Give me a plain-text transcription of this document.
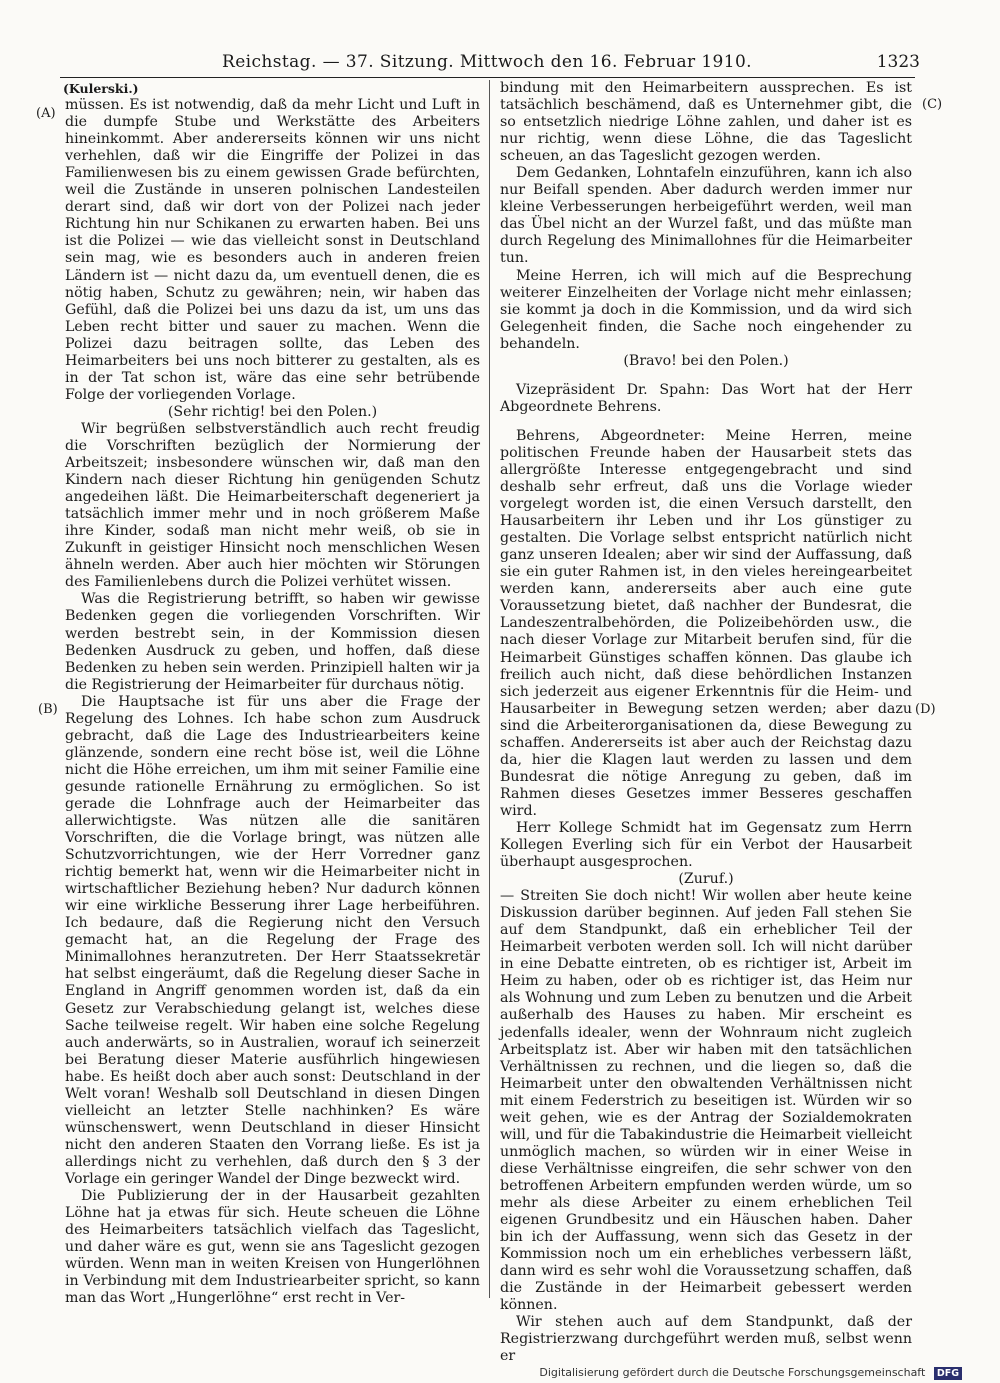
Reichstag. — 37. Sitzung. Mittwoch den 16. Februar 1910.	1323
(A)
(B)
(C)
(D)

(Kulerski.)

müssen. Es ist notwendig, daß da mehr Licht und Luft in die dumpfe Stube und Werkstätte des Arbeiters hineinkommt. Aber andererseits können wir uns nicht verhehlen, daß wir die Eingriffe der Polizei in das Familienwesen bis zu einem gewissen Grade befürchten, weil die Zustände in unseren polnischen Landesteilen derart sind, daß wir dort von der Polizei nach jeder Richtung hin nur Schikanen zu erwarten haben. Bei uns ist die Polizei — wie das vielleicht sonst in Deutschland sein mag, wie es besonders auch in anderen freien Ländern ist — nicht dazu da, um eventuell denen, die es nötig haben, Schutz zu gewähren; nein, wir haben das Gefühl, daß die Polizei bei uns dazu da ist, um uns das Leben recht bitter und sauer zu machen. Wenn die Polizei dazu beitragen sollte, das Leben des Heimarbeiters bei uns noch bitterer zu gestalten, als es in der Tat schon ist, wäre das eine sehr betrübende Folge der vorliegenden Vorlage.

(Sehr richtig! bei den Polen.)

Wir begrüßen selbstverständlich auch recht freudig die Vorschriften bezüglich der Normierung der Arbeitszeit; insbesondere wünschen wir, daß man den Kindern nach dieser Richtung hin genügenden Schutz angedeihen läßt. Die Heimarbeiterschaft degeneriert ja tatsächlich immer mehr und in noch größerem Maße ihre Kinder, sodaß man nicht mehr weiß, ob sie in Zukunft in geistiger Hinsicht noch menschlichen Wesen ähneln werden. Aber auch hier möchten wir Störungen des Familienlebens durch die Polizei verhütet wissen.

Was die Registrierung betrifft, so haben wir gewisse Bedenken gegen die vorliegenden Vorschriften. Wir werden bestrebt sein, in der Kommission diesen Bedenken Ausdruck zu geben, und hoffen, daß diese Bedenken zu heben sein werden. Prinzipiell halten wir ja die Registrierung der Heimarbeiter für durchaus nötig.

Die Hauptsache ist für uns aber die Frage der Regelung des Lohnes. Ich habe schon zum Ausdruck gebracht, daß die Lage des Industriearbeiters keine glänzende, sondern eine recht böse ist, weil die Löhne nicht die Höhe erreichen, um ihm mit seiner Familie eine gesunde rationelle Ernährung zu ermöglichen. So ist gerade die Lohnfrage auch der Heimarbeiter das allerwichtigste. Was nützen alle die sanitären Vorschriften, die die Vorlage bringt, was nützen alle Schutzvorrichtungen, wie der Herr Vorredner ganz richtig bemerkt hat, wenn wir die Heimarbeiter nicht in wirtschaftlicher Beziehung heben? Nur dadurch können wir eine wirkliche Besserung ihrer Lage herbeiführen. Ich bedaure, daß die Regierung nicht den Versuch gemacht hat, an die Regelung der Frage des Minimallohnes heranzutreten. Der Herr Staatssekretär hat selbst eingeräumt, daß die Regelung dieser Sache in England in Angriff genommen worden ist, daß da ein Gesetz zur Verabschiedung gelangt ist, welches diese Sache teilweise regelt. Wir haben eine solche Regelung auch anderwärts, so in Australien, worauf ich seinerzeit bei Beratung dieser Materie ausführlich hingewiesen habe. Es heißt doch aber auch sonst: Deutschland in der Welt voran! Weshalb soll Deutschland in diesen Dingen vielleicht an letzter Stelle nachhinken? Es wäre wünschenswert, wenn Deutschland in dieser Hinsicht nicht den anderen Staaten den Vorrang ließe. Es ist ja allerdings nicht zu verhehlen, daß durch den § 3 der Vorlage ein geringer Wandel der Dinge bezweckt wird.

Die Publizierung der in der Hausarbeit gezahlten Löhne hat ja etwas für sich. Heute scheuen die Löhne des Heimarbeiters tatsächlich vielfach das Tageslicht, und daher wäre es gut, wenn sie ans Tageslicht gezogen würden. Wenn man in weiten Kreisen von Hungerlöhnen in Verbindung mit dem Industriearbeiter spricht, so kann man das Wort „Hungerlöhne“ erst recht in Ver-

bindung mit den Heimarbeitern aussprechen. Es ist tatsächlich beschämend, daß es Unternehmer gibt, die so entsetzlich niedrige Löhne zahlen, und daher ist es nur richtig, wenn diese Löhne, die das Tageslicht scheuen, an das Tageslicht gezogen werden.

Dem Gedanken, Lohntafeln einzuführen, kann ich also nur Beifall spenden. Aber dadurch werden immer nur kleine Verbesserungen herbeigeführt werden, weil man das Übel nicht an der Wurzel faßt, und das müßte man durch Regelung des Minimallohnes für die Heimarbeiter tun.

Meine Herren, ich will mich auf die Besprechung weiterer Einzelheiten der Vorlage nicht mehr einlassen; sie kommt ja doch in die Kommission, und da wird sich Gelegenheit finden, die Sache noch eingehender zu behandeln.

(Bravo! bei den Polen.)

Vizepräsident Dr. Spahn: Das Wort hat der Herr Abgeordnete Behrens.

Behrens, Abgeordneter: Meine Herren, meine politischen Freunde haben der Hausarbeit stets das allergrößte Interesse entgegengebracht und sind deshalb sehr erfreut, daß uns die Vorlage wieder vorgelegt worden ist, die einen Versuch darstellt, den Hausarbeitern ihr Leben und ihr Los günstiger zu gestalten. Die Vorlage selbst entspricht natürlich nicht ganz unseren Idealen; aber wir sind der Auffassung, daß sie ein guter Rahmen ist, in den vieles hereingearbeitet werden kann, andererseits aber auch eine gute Voraussetzung bietet, daß nachher der Bundesrat, die Landeszentralbehörden, die Polizeibehörden usw., die nach dieser Vorlage zur Mitarbeit berufen sind, für die Heimarbeit Günstiges schaffen können. Das glaube ich freilich auch nicht, daß diese behördlichen Instanzen sich jederzeit aus eigener Erkenntnis für die Heim- und Hausarbeiter in Bewegung setzen werden; aber dazu sind die Arbeiterorganisationen da, diese Bewegung zu schaffen. Andererseits ist aber auch der Reichstag dazu da, hier die Klagen laut werden zu lassen und dem Bundesrat die nötige Anregung zu geben, daß im Rahmen dieses Gesetzes immer Besseres geschaffen wird.

Herr Kollege Schmidt hat im Gegensatz zum Herrn Kollegen Everling sich für ein Verbot der Hausarbeit überhaupt ausgesprochen.

(Zuruf.)

— Streiten Sie doch nicht! Wir wollen aber heute keine Diskussion darüber beginnen. Auf jeden Fall stehen Sie auf dem Standpunkt, daß ein erheblicher Teil der Heimarbeit verboten werden soll. Ich will nicht darüber in eine Debatte eintreten, ob es richtiger ist, Arbeit im Heim zu haben, oder ob es richtiger ist, das Heim nur als Wohnung und zum Leben zu benutzen und die Arbeit außerhalb des Hauses zu haben. Mir erscheint es jedenfalls idealer, wenn der Wohnraum nicht zugleich Arbeitsplatz ist. Aber wir haben mit den tatsächlichen Verhältnissen zu rechnen, und die liegen so, daß die Heimarbeit unter den obwaltenden Verhältnissen nicht mit einem Federstrich zu beseitigen ist. Würden wir so weit gehen, wie es der Antrag der Sozialdemokraten will, und für die Tabakindustrie die Heimarbeit vielleicht unmöglich machen, so würden wir in einer Weise in diese Verhältnisse eingreifen, die sehr schwer von den betroffenen Arbeitern empfunden werden würde, um so mehr als diese Arbeiter zu einem erheblichen Teil eigenen Grundbesitz und ein Häuschen haben. Daher bin ich der Auffassung, wenn sich das Gesetz in der Kommission noch um ein erhebliches verbessern läßt, dann wird es sehr wohl die Voraussetzung schaffen, daß die Zustände in der Heimarbeit gebessert werden können.

Wir stehen auch auf dem Standpunkt, daß der Registrierzwang durchgeführt werden muß, selbst wenn er

Digitalisierung gefördert durch die Deutsche Forschungsgemeinschaft DFG
